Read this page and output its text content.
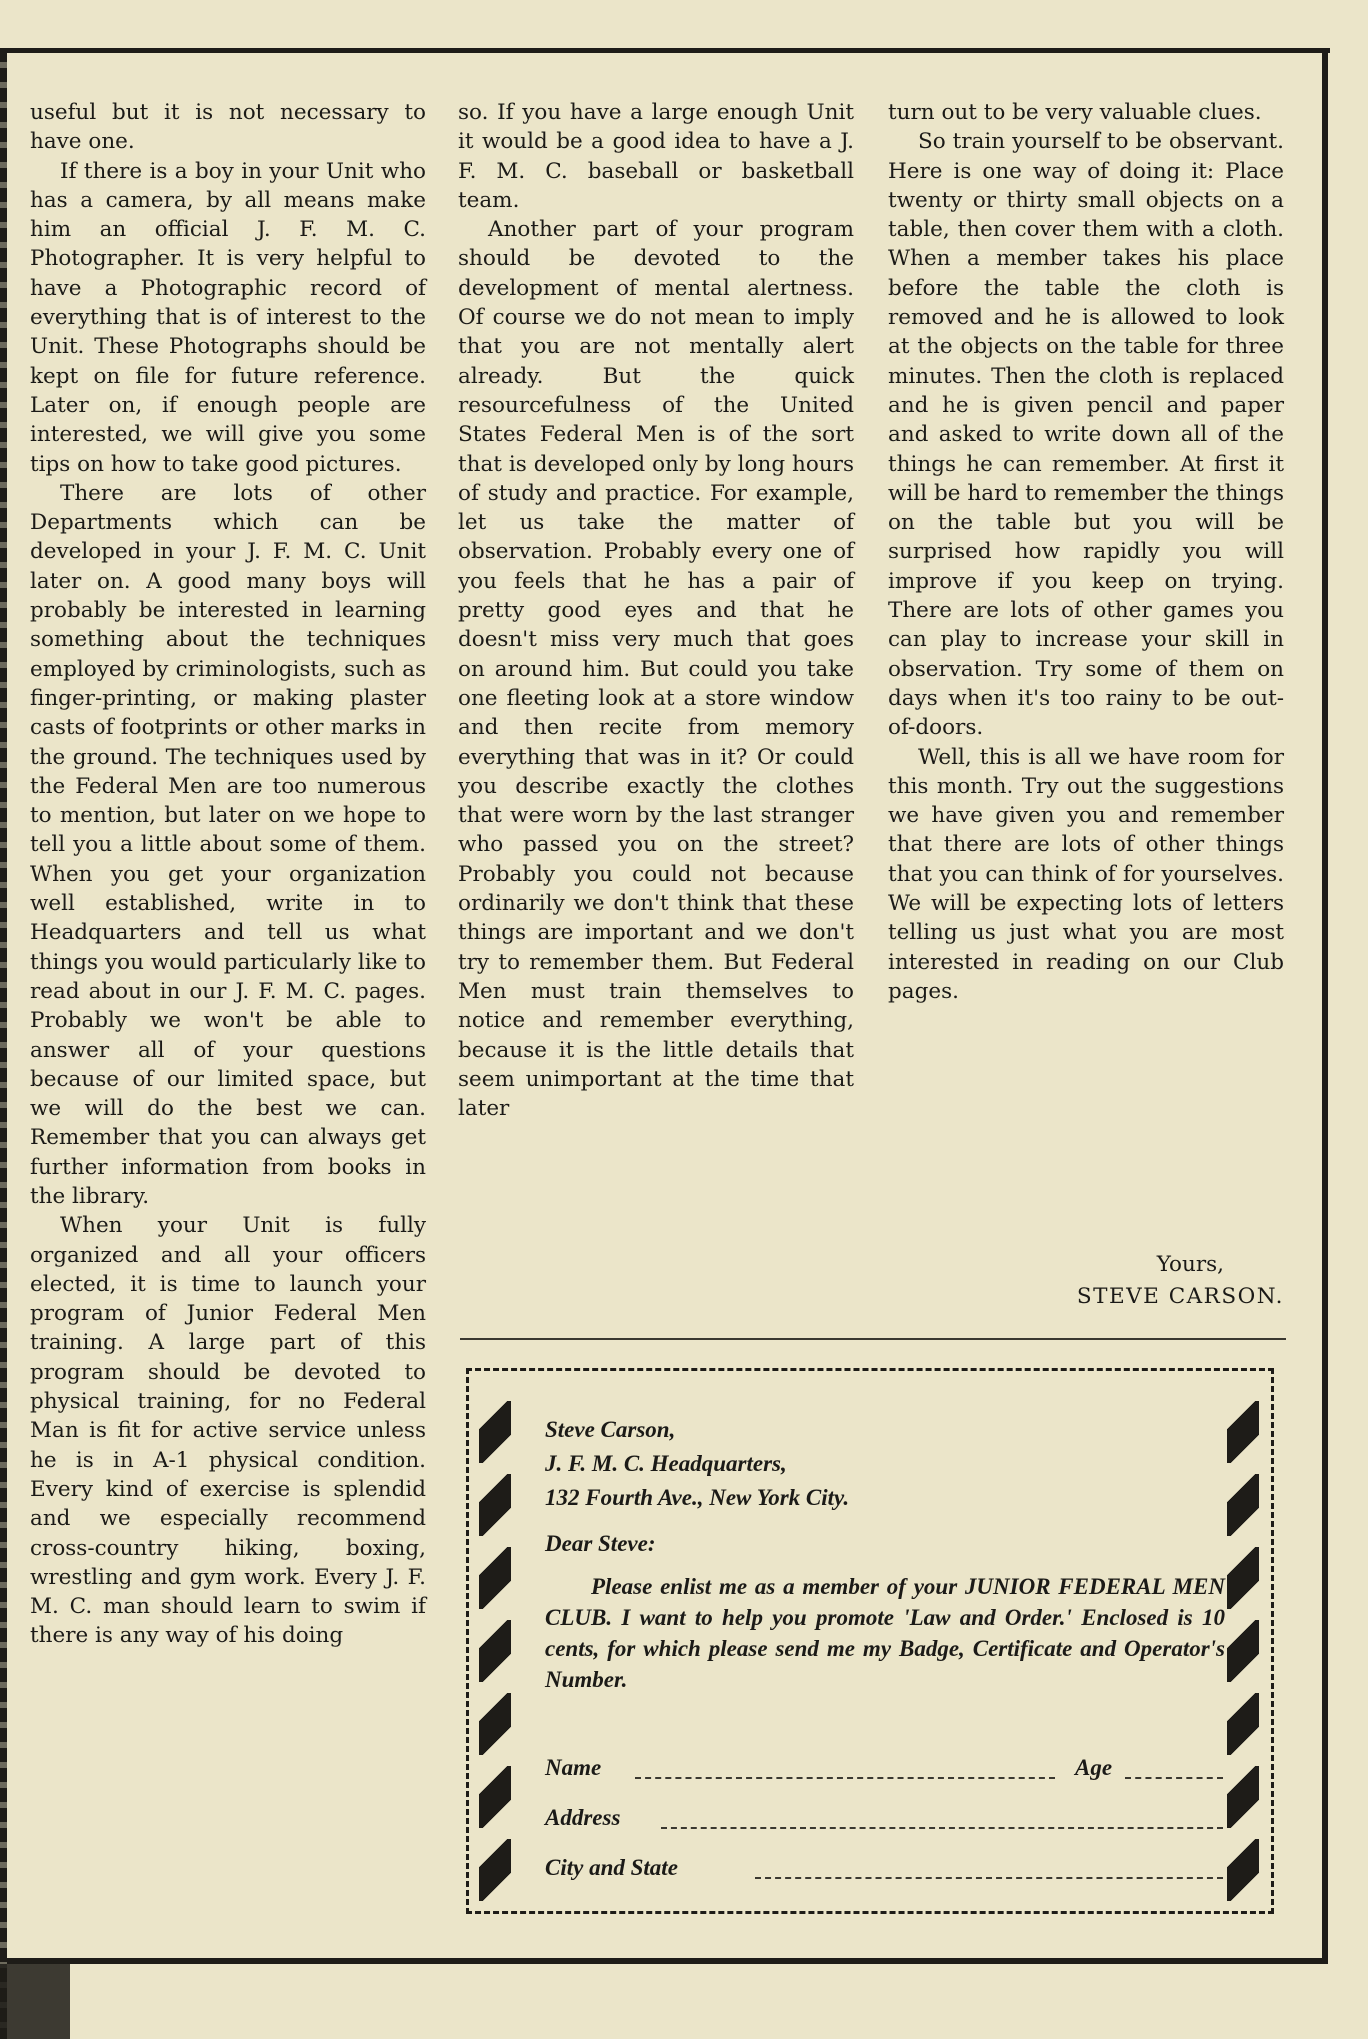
useful but it is not necessary to have one.

If there is a boy in your Unit who has a camera, by all means make him an official J. F. M. C. Photographer. It is very helpful to have a Photographic record of everything that is of interest to the Unit. These Photographs should be kept on file for future reference. Later on, if enough people are interested, we will give you some tips on how to take good pictures.

There are lots of other Departments which can be developed in your J. F. M. C. Unit later on. A good many boys will probably be interested in learning something about the techniques employed by criminologists, such as finger-printing, or making plaster casts of footprints or other marks in the ground. The techniques used by the Federal Men are too numerous to mention, but later on we hope to tell you a little about some of them. When you get your organization well established, write in to Headquarters and tell us what things you would particularly like to read about in our J. F. M. C. pages. Probably we won't be able to answer all of your questions because of our limited space, but we will do the best we can. Remember that you can always get further information from books in the library.

When your Unit is fully organized and all your officers elected, it is time to launch your program of Junior Federal Men training. A large part of this program should be devoted to physical training, for no Federal Man is fit for active service unless he is in A-1 physical condition. Every kind of exercise is splendid and we especially recommend cross-country hiking, boxing, wrestling and gym work. Every J. F. M. C. man should learn to swim if there is any way of his doing

so. If you have a large enough Unit it would be a good idea to have a J. F. M. C. baseball or basketball team.

Another part of your program should be devoted to the development of mental alertness. Of course we do not mean to imply that you are not mentally alert already. But the quick resourcefulness of the United States Federal Men is of the sort that is developed only by long hours of study and practice. For example, let us take the matter of observation. Probably every one of you feels that he has a pair of pretty good eyes and that he doesn't miss very much that goes on around him. But could you take one fleeting look at a store window and then recite from memory everything that was in it? Or could you describe exactly the clothes that were worn by the last stranger who passed you on the street? Probably you could not because ordinarily we don't think that these things are important and we don't try to remember them. But Federal Men must train themselves to notice and remember everything, because it is the little details that seem unimportant at the time that later

turn out to be very valuable clues.

So train yourself to be observant. Here is one way of doing it: Place twenty or thirty small objects on a table, then cover them with a cloth. When a member takes his place before the table the cloth is removed and he is allowed to look at the objects on the table for three minutes. Then the cloth is replaced and he is given pencil and paper and asked to write down all of the things he can remember. At first it will be hard to remember the things on the table but you will be surprised how rapidly you will improve if you keep on trying. There are lots of other games you can play to increase your skill in observation. Try some of them on days when it's too rainy to be out-of-doors.

Well, this is all we have room for this month. Try out the suggestions we have given you and remember that there are lots of other things that you can think of for yourselves. We will be expecting lots of letters telling us just what you are most interested in reading on our Club pages.

Yours,
STEVE CARSON.

Steve Carson,

J. F. M. C. Headquarters,

132 Fourth Ave., New York City.

Dear Steve:

Please enlist me as a member of your JUNIOR FEDERAL MEN CLUB. I want to help you promote 'Law and Order.' Enclosed is 10 cents, for which please send me my Badge, Certificate and Operator's Number.

Name	Age
Address
City and State
